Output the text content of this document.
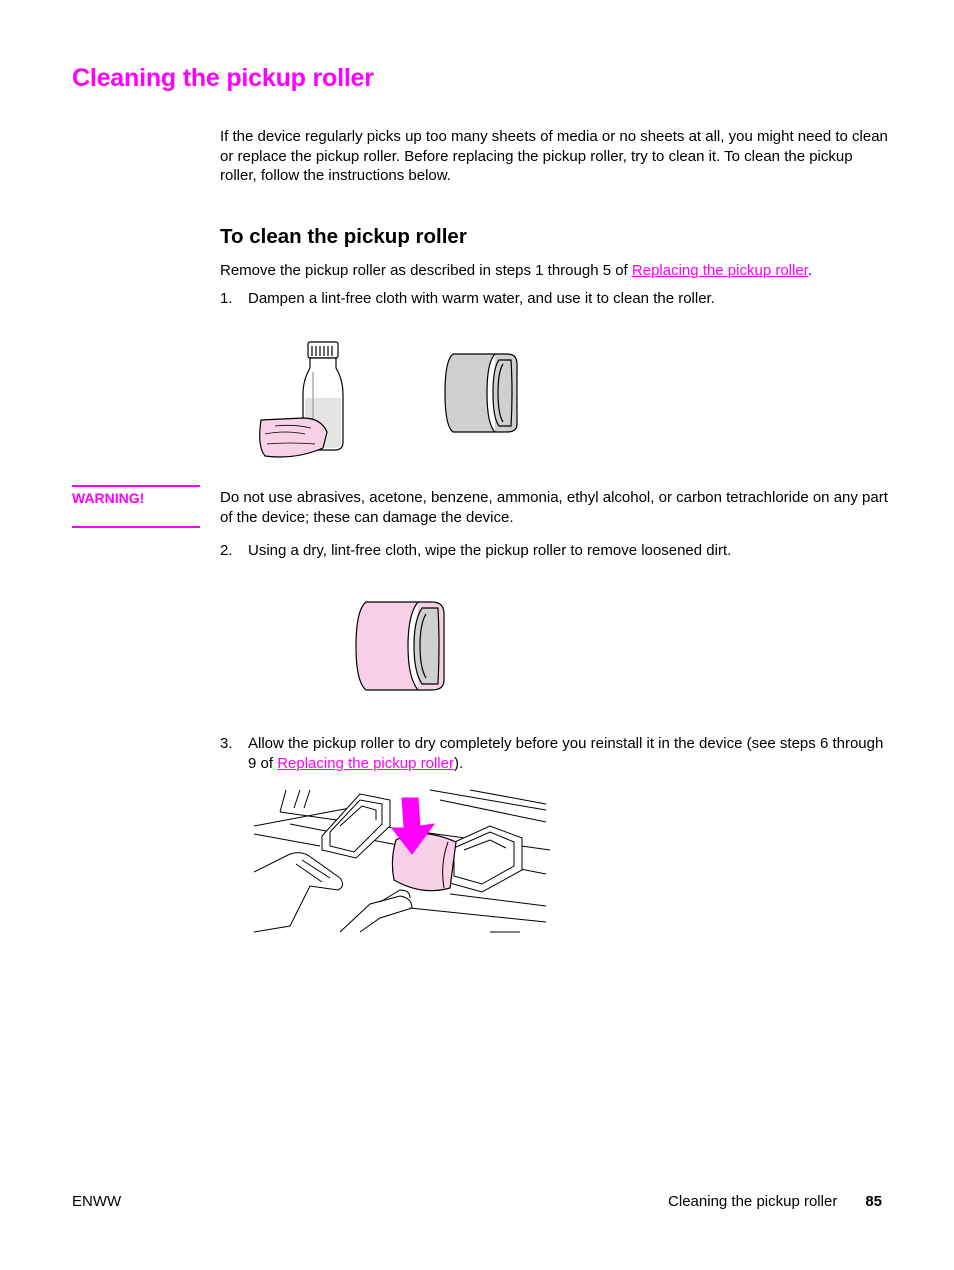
Cleaning the pickup roller
If the device regularly picks up too many sheets of media or no sheets at all, you might need to clean or replace the pickup roller. Before replacing the pickup roller, try to clean it. To clean the pickup roller, follow the instructions below.
To clean the pickup roller
Remove the pickup roller as described in steps 1 through 5 of Replacing the pickup roller.
1. Dampen a lint-free cloth with warm water, and use it to clean the roller.
WARNING!	Do not use abrasives, acetone, benzene, ammonia, ethyl alcohol, or carbon tetrachloride on any part of the device; these can damage the device.
2. Using a dry, lint-free cloth, wipe the pickup roller to remove loosened dirt.
3. Allow the pickup roller to dry completely before you reinstall it in the device (see steps 6 through 9 of Replacing the pickup roller).
ENWW	Cleaning the pickup roller 85
